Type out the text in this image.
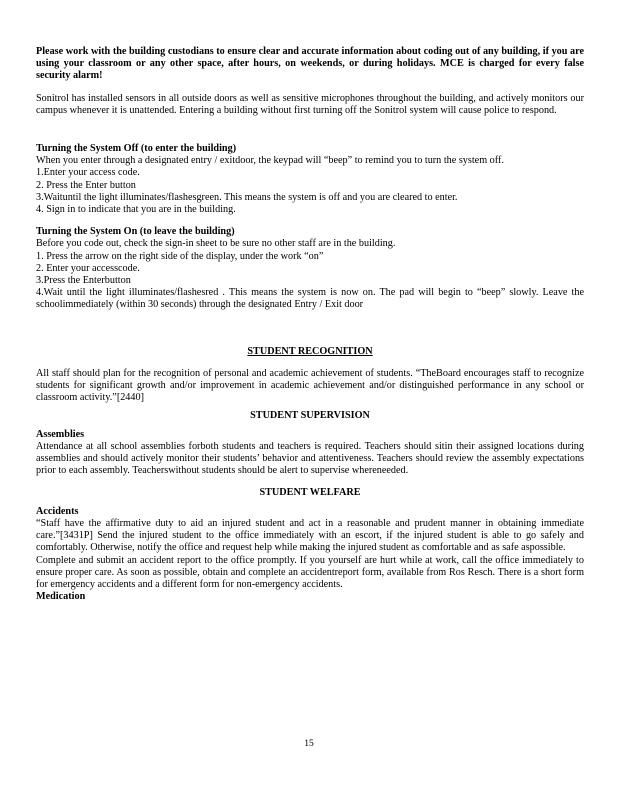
Please work with the building custodians to ensure clear and accurate information about coding out of any building, if you are using your classroom or any other space, after hours, on weekends, or during holidays. MCE is charged for every false security alarm!

Sonitrol has installed sensors in all outside doors as well as sensitive microphones throughout the building, and actively monitors our campus whenever it is unattended. Entering a building without first turning off the Sonitrol system will cause police to respond.

Turning the System Off (to enter the building)

When you enter through a designated entry / exitdoor, the keypad will “beep” to remind you to turn the system off.

1.Enter your access code.

2. Press the Enter button

3.Waituntil the light illuminates/flashesgreen. This means the system is off and you are cleared to enter.

4. Sign in to indicate that you are in the building.

Turning the System On (to leave the building)

Before you code out, check the sign-in sheet to be sure no other staff are in the building.

1. Press the arrow on the right side of the display, under the work “on”

2. Enter your accesscode.

3.Press the Enterbutton

4.Wait until the light illuminates/flashesred . This means the system is now on. The pad will begin to “beep” slowly. Leave the schoolimmediately (within 30 seconds) through the designated Entry / Exit door

STUDENT RECOGNITION

All staff should plan for the recognition of personal and academic achievement of students. “TheBoard encourages staff to recognize students for significant growth and/or improvement in academic achievement and/or distinguished performance in any school or classroom activity.”[2440]

STUDENT SUPERVISION

Assemblies

Attendance at all school assemblies forboth students and teachers is required. Teachers should sitin their assigned locations during assemblies and should actively monitor their students’ behavior and attentiveness. Teachers should review the assembly expectations prior to each assembly. Teacherswithout students should be alert to supervise whereneeded.

STUDENT WELFARE

Accidents

“Staff have the affirmative duty to aid an injured student and act in a reasonable and prudent manner in obtaining immediate care.”[3431P] Send the injured student to the office immediately with an escort, if the injured student is able to go safely and comfortably. Otherwise, notify the office and request help while making the injured student as comfortable and as safe aspossible.

Complete and submit an accident report to the office promptly. If you yourself are hurt while at work, call the office immediately to ensure proper care. As soon as possible, obtain and complete an accidentreport form, available from Ros Resch. There is a short form for emergency accidents and a different form for non-emergency accidents.

Medication

15
